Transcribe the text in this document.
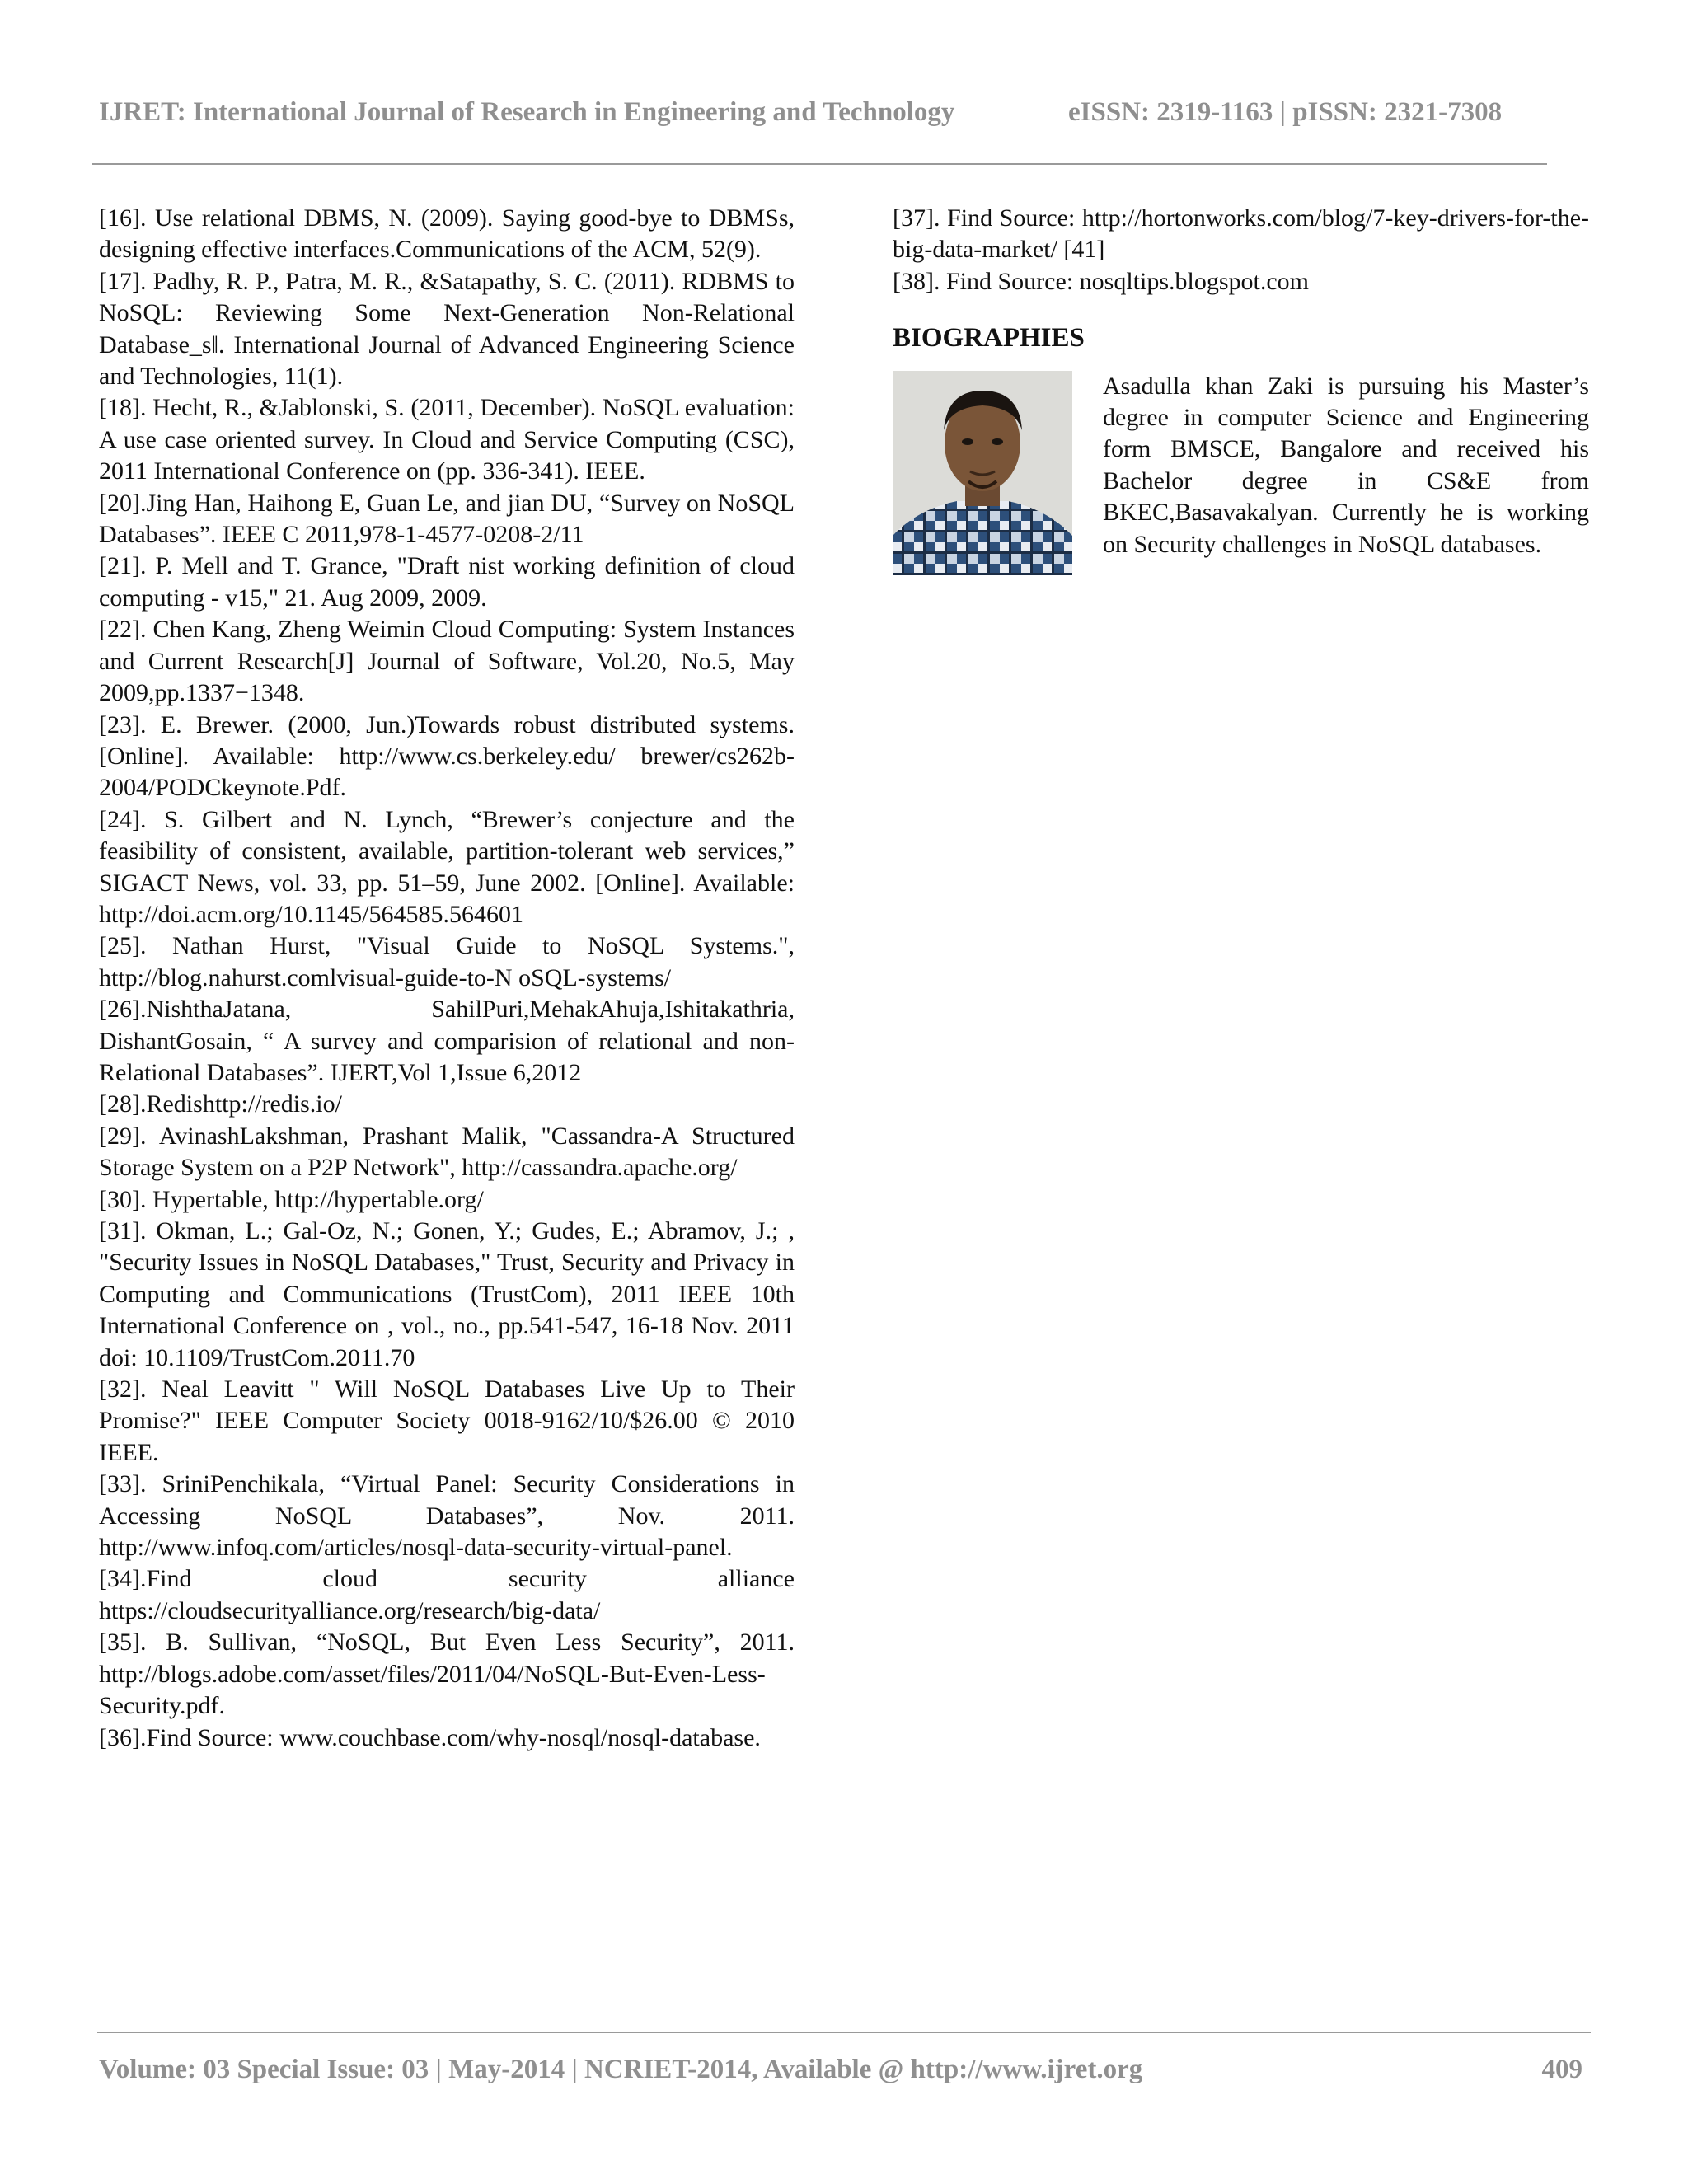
IJRET: International Journal of Research in Engineering and Technology	eISSN: 2319-1163 | pISSN: 2321-7308

[16]. Use relational DBMS, N. (2009). Saying good-bye to DBMSs, designing effective interfaces.Communications of the ACM, 52(9).

[17]. Padhy, R. P., Patra, M. R., &Satapathy, S. C. (2011). RDBMS to NoSQL: Reviewing Some Next-Generation Non-Relational Database_s‖. International Journal of Advanced Engineering Science and Technologies, 11(1).

[18]. Hecht, R., &Jablonski, S. (2011, December). NoSQL evaluation: A use case oriented survey. In Cloud and Service Computing (CSC), 2011 International Conference on (pp. 336-341). IEEE.

[20].Jing Han, Haihong E, Guan Le, and jian DU, “Survey on NoSQL Databases”. IEEE C 2011,978-1-4577-0208-2/11

[21]. P. Mell and T. Grance, "Draft nist working definition of cloud computing - v15," 21. Aug 2009, 2009.

[22]. Chen Kang, Zheng Weimin Cloud Computing: System Instances and Current Research[J] Journal of Software, Vol.20, No.5, May 2009,pp.1337−1348.

[23]. E. Brewer. (2000, Jun.)Towards robust distributed systems.[Online]. Available: http://www.cs.berkeley.edu/ brewer/cs262b-2004/PODCkeynote.Pdf.

[24]. S. Gilbert and N. Lynch, “Brewer’s conjecture and the feasibility of consistent, available, partition-tolerant web services,” SIGACT News, vol. 33, pp. 51–59, June 2002. [Online]. Available: http://doi.acm.org/10.1145/564585.564601

[25]. Nathan Hurst, "Visual Guide to NoSQL Systems.", http://blog.nahurst.comlvisual-guide-to-N oSQL-systems/

[26].NishthaJatana, SahilPuri,MehakAhuja,Ishitakathria, DishantGosain, “ A survey and comparision of relational and non-Relational Databases”. IJERT,Vol 1,Issue 6,2012

[28].Redishttp://redis.io/

[29]. AvinashLakshman, Prashant Malik, "Cassandra-A Structured Storage System on a P2P Network", http://cassandra.apache.org/

[30]. Hypertable, http://hypertable.org/

[31]. Okman, L.; Gal-Oz, N.; Gonen, Y.; Gudes, E.; Abramov, J.; , "Security Issues in NoSQL Databases," Trust, Security and Privacy in Computing and Communications (TrustCom), 2011 IEEE 10th International Conference on , vol., no., pp.541-547, 16-18 Nov. 2011 doi: 10.1109/TrustCom.2011.70

[32]. Neal Leavitt " Will NoSQL Databases Live Up to Their Promise?" IEEE Computer Society 0018-9162/10/$26.00 © 2010 IEEE.

[33]. SriniPenchikala, “Virtual Panel: Security Considerations in Accessing NoSQL Databases”, Nov. 2011. http://www.infoq.com/articles/nosql-data-security-virtual-panel.

[34].Find cloud security alliance https://cloudsecurityalliance.org/research/big-data/

[35]. B. Sullivan, “NoSQL, But Even Less Security”, 2011. http://blogs.adobe.com/asset/files/2011/04/NoSQL-But-Even-Less-Security.pdf.

[36].Find Source: www.couchbase.com/why-nosql/nosql-database.

[37]. Find Source: http://hortonworks.com/blog/7-key-drivers-for-the-big-data-market/ [41]

[38]. Find Source: nosqltips.blogspot.com

BIOGRAPHIES
Asadulla khan Zaki is pursuing his Master’s degree in computer Science and Engineering form BMSCE, Bangalore and received his Bachelor degree in CS&E from BKEC,Basavakalyan. Currently he is working on Security challenges in NoSQL databases.
Volume: 03 Special Issue: 03 | May-2014 | NCRIET-2014, Available @ http://www.ijret.org	409
